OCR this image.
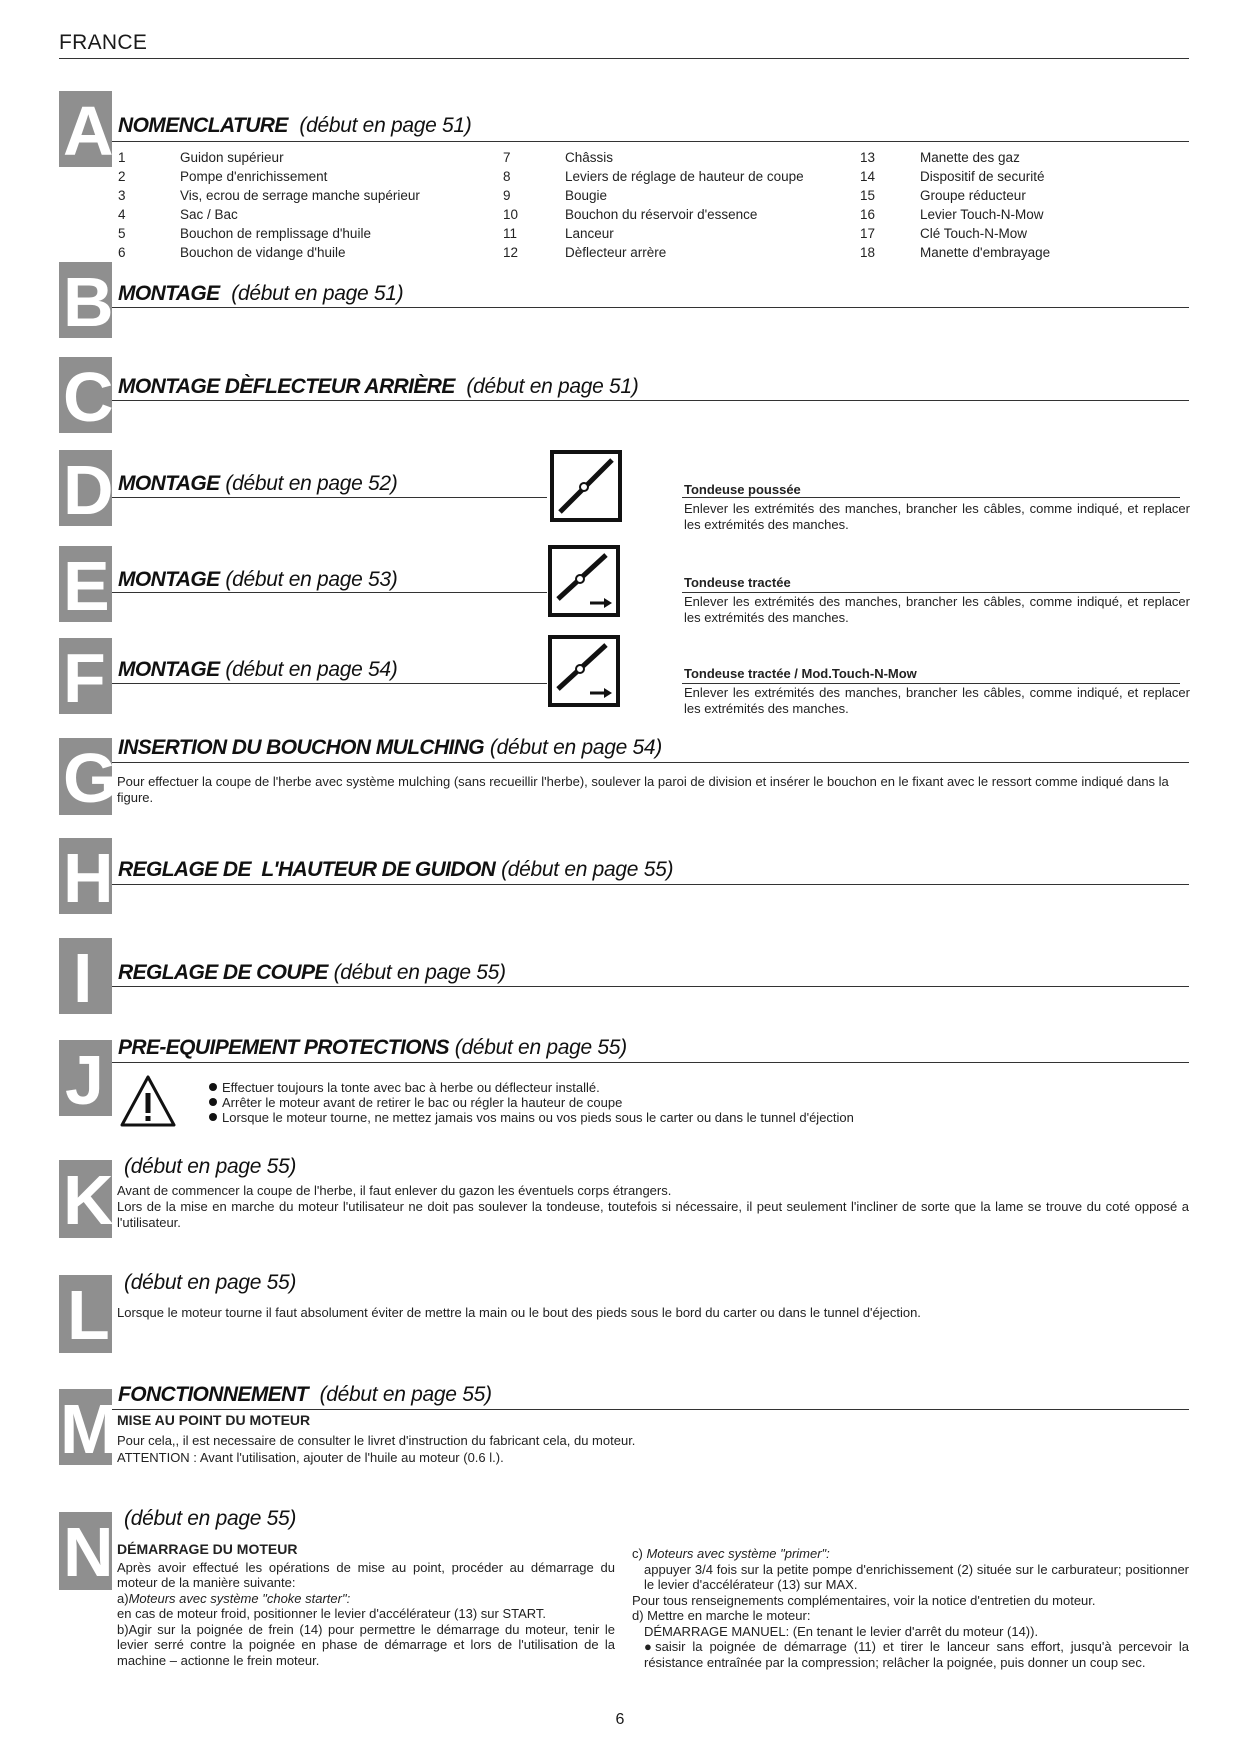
FRANCE
A NOMENCLATURE (début en page 51)
1	Guidon supérieur
2	Pompe d'enrichissement
3	Vis, ecrou de serrage manche supérieur
4	Sac / Bac
5	Bouchon de remplissage d'huile
6	Bouchon de vidange d'huile
7	Châssis
8	Leviers de réglage de hauteur de coupe
9	Bougie
10	Bouchon du réservoir d'essence
11	Lanceur
12	Dèflecteur arrère
13	Manette des gaz
14	Dispositif de securité
15	Groupe réducteur
16	Levier Touch-N-Mow
17	Clé Touch-N-Mow
18	Manette d'embrayage
B MONTAGE (début en page 51)
C MONTAGE DÈFLECTEUR ARRIÈRE (début en page 51)
D MONTAGE (début en page 52)	Tondeuse poussée
Enlever les extrémités des manches, brancher les câbles, comme indiqué, et replacer les extrémités des manches.
E MONTAGE (début en page 53)	Tondeuse tractée
Enlever les extrémités des manches, brancher les câbles, comme indiqué, et replacer les extrémités des manches.
F MONTAGE (début en page 54)	Tondeuse tractée / Mod.Touch-N-Mow
Enlever les extrémités des manches, brancher les câbles, comme indiqué, et replacer les extrémités des manches.
G INSERTION DU BOUCHON MULCHING (début en page 54)
Pour effectuer la coupe de l'herbe avec système mulching (sans recueillir l'herbe), soulever la paroi de division et insérer le bouchon en le fixant avec le ressort comme indiqué dans la figure.
H REGLAGE DE  L'HAUTEUR DE GUIDON (début en page 55)
I REGLAGE DE COUPE (début en page 55)
J PRE-EQUIPEMENT PROTECTIONS (début en page 55)
Effectuer toujours la tonte avec bac à herbe ou déflecteur installé.
Arrêter le moteur avant de retirer le bac ou régler la hauteur de coupe
Lorsque le moteur tourne, ne mettez jamais vos mains ou vos pieds sous le carter ou dans le tunnel d'éjection
K (début en page 55)
Avant de commencer la coupe de l'herbe, il faut enlever du gazon les éventuels corps étrangers.
Lors de la mise en marche du moteur l'utilisateur ne doit pas soulever la tondeuse, toutefois si nécessaire, il peut seulement l'incliner de sorte que la lame se trouve du coté opposé a l'utilisateur.
L (début en page 55)
Lorsque le moteur tourne il faut absolument éviter de mettre la main ou le bout des pieds sous le bord du carter ou dans le tunnel d'éjection.
M FONCTIONNEMENT (début en page 55)
MISE AU POINT DU MOTEUR
Pour cela,, il est necessaire de consulter le livret d'instruction du fabricant cela, du moteur.
ATTENTION : Avant l'utilisation, ajouter de l'huile au moteur (0.6 l.).
N (début en page 55)
DÉMARRAGE DU MOTEUR
Après avoir effectué les opérations de mise au point, procéder au démarrage du moteur de la manière suivante:
a)Moteurs avec système "choke starter":
en cas de moteur froid, positionner le levier d'accélérateur (13) sur START.
b)Agir sur la poignée de frein (14) pour permettre le démarrage du moteur, tenir le levier serré contre la poignée en phase de démarrage et lors de l'utilisation de la machine – actionne le frein moteur.
c) Moteurs avec système "primer":
appuyer 3/4 fois sur la petite pompe d'enrichissement (2) située sur le carburateur; positionner le levier d'accélérateur (13) sur MAX.
Pour tous renseignements complémentaires, voir la notice d'entretien du moteur.
d) Mettre en marche le moteur:
DÉMARRAGE MANUEL: (En tenant le levier d'arrêt du moteur (14)).
●saisir la poignée de démarrage (11) et tirer le lanceur sans effort, jusqu'à percevoir la résistance entraînée par la compression; relâcher la poignée, puis donner un coup sec.
6
